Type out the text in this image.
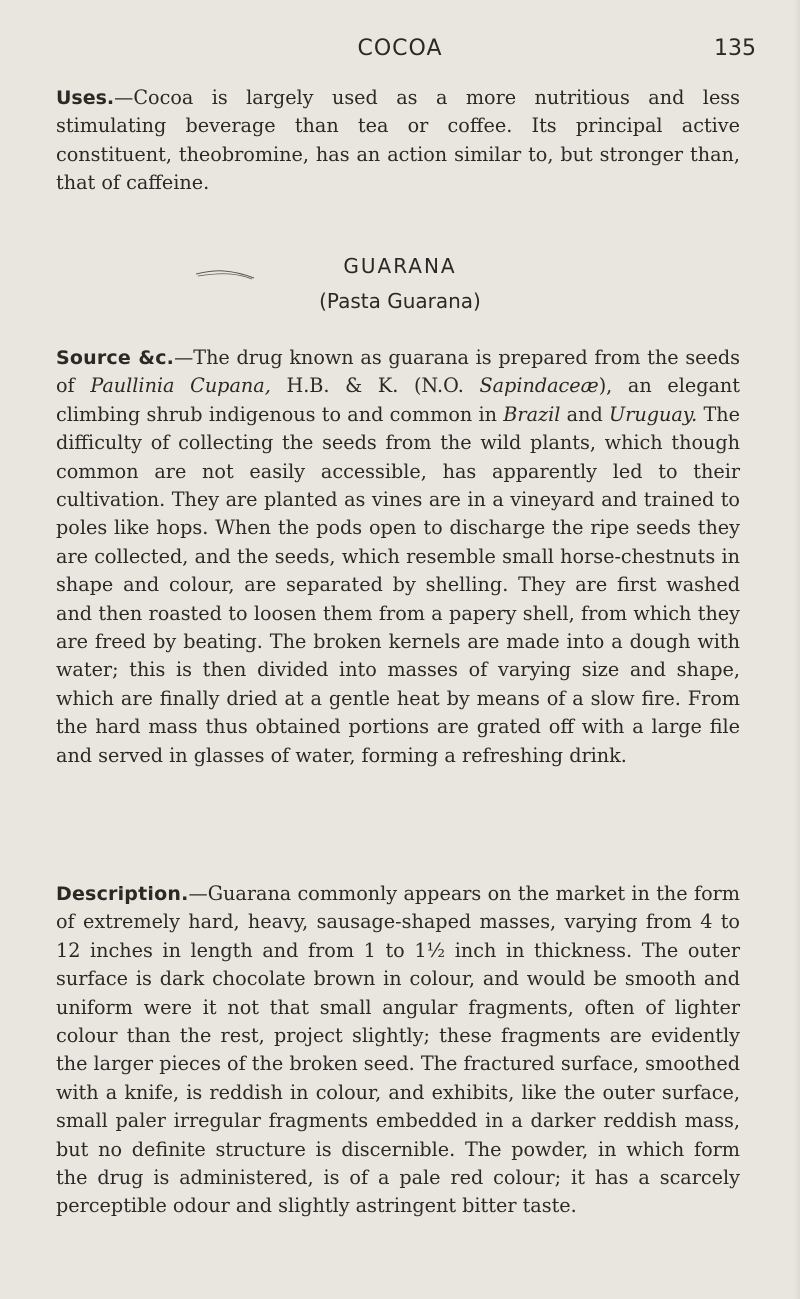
COCOA	135

Uses.—Cocoa is largely used as a more nutritious and less stimulating beverage than tea or coffee. Its principal active constituent, theobromine, has an action similar to, but stronger than, that of caffeine.

GUARANA
(Pasta Guarana)

Source &c.—The drug known as guarana is prepared from the seeds of Paullinia Cupana, H.B. & K. (N.O. Sapindaceæ), an elegant climbing shrub indigenous to and common in Brazil and Uruguay. The difficulty of collecting the seeds from the wild plants, which though common are not easily accessible, has apparently led to their cultivation. They are planted as vines are in a vineyard and trained to poles like hops. When the pods open to discharge the ripe seeds they are collected, and the seeds, which resemble small horse-chestnuts in shape and colour, are separated by shelling. They are first washed and then roasted to loosen them from a papery shell, from which they are freed by beating. The broken kernels are made into a dough with water; this is then divided into masses of varying size and shape, which are finally dried at a gentle heat by means of a slow fire. From the hard mass thus obtained portions are grated off with a large file and served in glasses of water, forming a refreshing drink.

Description.—Guarana commonly appears on the market in the form of extremely hard, heavy, sausage-shaped masses, varying from 4 to 12 inches in length and from 1 to 1½ inch in thickness. The outer surface is dark chocolate brown in colour, and would be smooth and uniform were it not that small angular fragments, often of lighter colour than the rest, project slightly; these fragments are evidently the larger pieces of the broken seed. The fractured surface, smoothed with a knife, is reddish in colour, and exhibits, like the outer surface, small paler irregular fragments embedded in a darker reddish mass, but no definite structure is discernible. The powder, in which form the drug is administered, is of a pale red colour; it has a scarcely perceptible odour and slightly astringent bitter taste.
